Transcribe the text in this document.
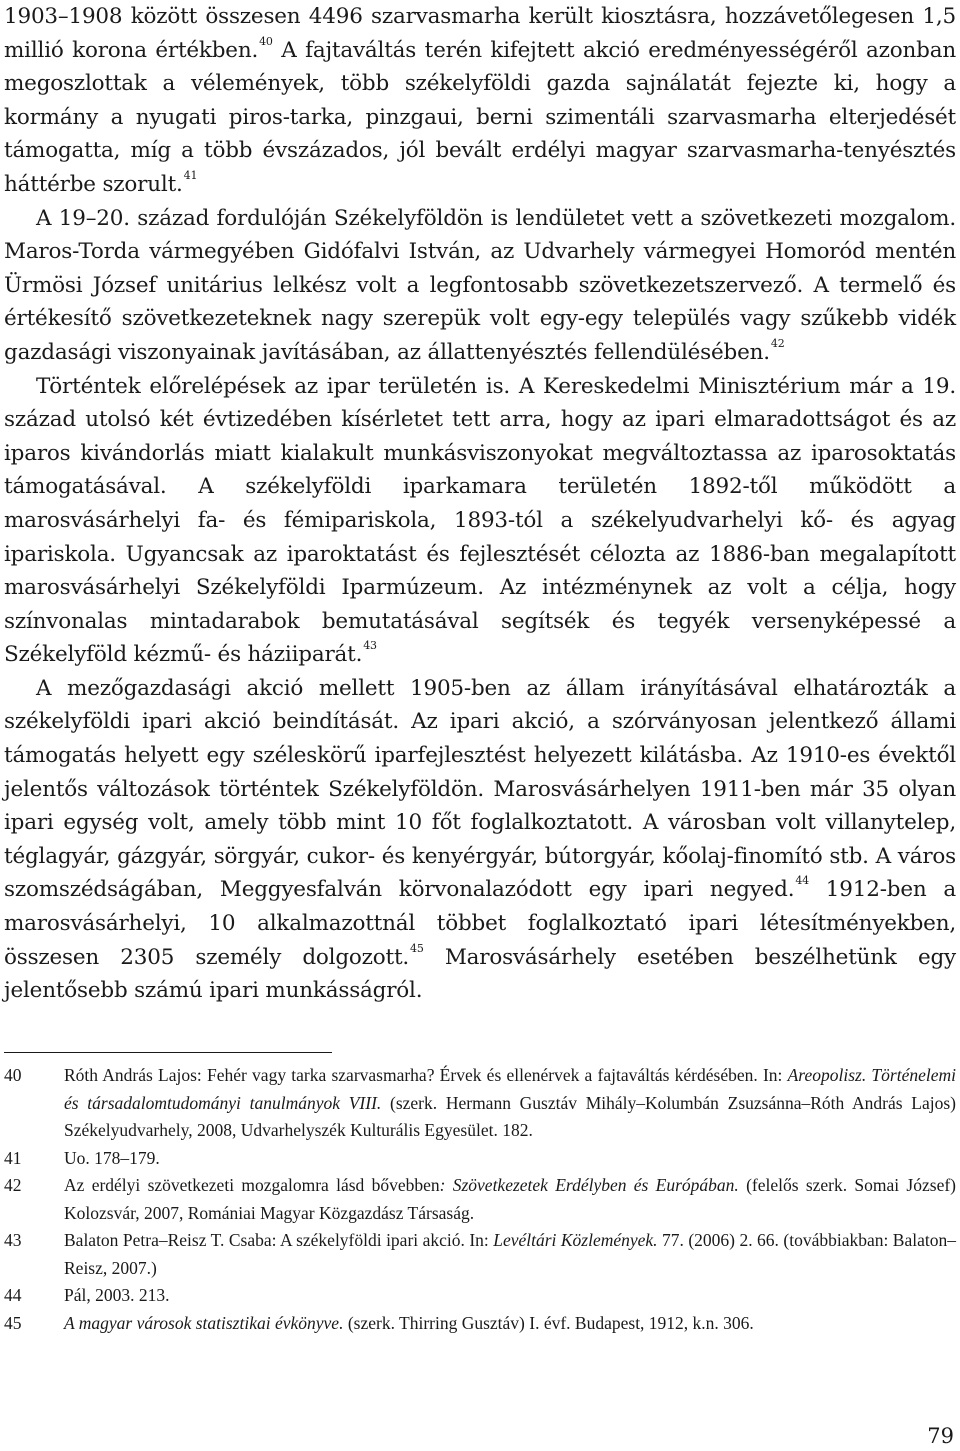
1903–1908 között összesen 4496 szarvasmarha került kiosztásra, hozzávetőlegesen 1,5 millió korona értékben.$^{40}$ A fajtaváltás terén kifejtett akció eredményességéről azonban megoszlottak a vélemények, több székelyföldi gazda sajnálatát fejezte ki, hogy a kormány a nyugati piros-tarka, pinzgaui, berni szimentáli szarvasmarha elterjedését támogatta, míg a több évszázados, jól bevált erdélyi magyar szarvasmarha-tenyésztés háttérbe szorult.$^{41}$

A 19–20. század fordulóján Székelyföldön is lendületet vett a szövetkezeti mozgalom. Maros-Torda vármegyében Gidófalvi István, az Udvarhely vármegyei Homoród mentén Ürmösi József unitárius lelkész volt a legfontosabb szövetkezetszervező. A termelő és értékesítő szövetkezeteknek nagy szerepük volt egy-egy település vagy szűkebb vidék gazdasági viszonyainak javításában, az állattenyésztés fellendülésében.$^{42}$

Történtek előrelépések az ipar területén is. A Kereskedelmi Minisztérium már a 19. század utolsó két évtizedében kísérletet tett arra, hogy az ipari elmaradottságot és az iparos kivándorlás miatt kialakult munkásviszonyokat megváltoztassa az iparosoktatás támogatásával. A székelyföldi iparkamara területén 1892-től működött a marosvásárhelyi fa- és fémipariskola, 1893-tól a székelyudvarhelyi kő- és agyag ipariskola. Ugyancsak az iparoktatást és fejlesztését célozta az 1886-ban megalapított marosvásárhelyi Székelyföldi Iparmúzeum. Az intézménynek az volt a célja, hogy színvonalas mintadarabok bemutatásával segítsék és tegyék versenyképessé a Székelyföld kézmű- és háziiparát.$^{43}$

A mezőgazdasági akció mellett 1905-ben az állam irányításával elhatározták a székelyföldi ipari akció beindítását. Az ipari akció, a szórványosan jelentkező állami támogatás helyett egy széleskörű iparfejlesztést helyezett kilátásba. Az 1910-es évektől jelentős változások történtek Székelyföldön. Marosvásárhelyen 1911-ben már 35 olyan ipari egység volt, amely több mint 10 főt foglalkoztatott. A városban volt villanytelep, téglagyár, gázgyár, sörgyár, cukor- és kenyérgyár, bútorgyár, kőolaj-finomító stb. A város szomszédságában, Meggyesfalván körvonalazódott egy ipari negyed.$^{44}$ 1912-ben a marosvásárhelyi, 10 alkalmazottnál többet foglalkoztató ipari létesítményekben, összesen 2305 személy dolgozott.$^{45}$ Marosvásárhely esetében beszélhetünk egy jelentősebb számú ipari munkásságról.

40	Róth András Lajos: Fehér vagy tarka szarvasmarha? Érvek és ellenérvek a fajtaváltás kérdésében. In: Areopolisz. Történelemi és társadalomtudományi tanulmányok VIII. (szerk. Hermann Gusztáv Mihály–Kolumbán Zsuzsánna–Róth András Lajos) Székelyudvarhely, 2008, Udvarhelyszék Kulturális Egyesület. 182.
41	Uo. 178–179.
42	Az erdélyi szövetkezeti mozgalomra lásd bővebben: Szövetkezetek Erdélyben és Európában. (felelős szerk. Somai József) Kolozsvár, 2007, Romániai Magyar Közgazdász Társaság.
43	Balaton Petra–Reisz T. Csaba: A székelyföldi ipari akció. In: Levéltári Közlemények. 77. (2006) 2. 66. (továbbiakban: Balaton–Reisz, 2007.)
44	Pál, 2003. 213.
45	A magyar városok statisztikai évkönyve. (szerk. Thirring Gusztáv) I. évf. Budapest, 1912, k.n. 306.
79
